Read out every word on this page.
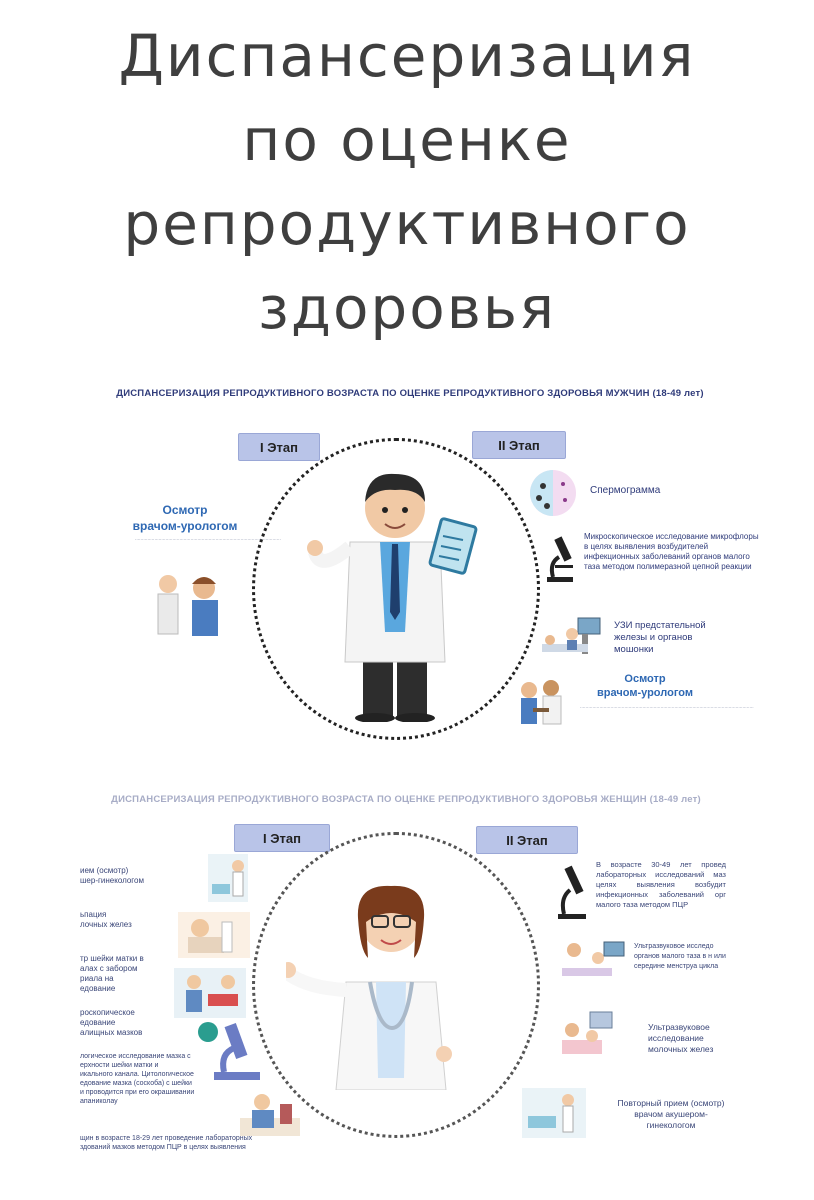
Диспансеризация
по оценке
репродуктивного
здоровья
ДИСПАНСЕРИЗАЦИЯ РЕПРОДУКТИВНОГО ВОЗРАСТА ПО ОЦЕНКЕ РЕПРОДУКТИВНОГО ЗДОРОВЬЯ МУЖЧИН (18-49 лет)
I Этап	II Этап
Осмотр
врачом-урологом
.........................................................................................................
Спермограмма
Микроскопическое исследование микрофлоры в целях выявления возбудителей инфекционных заболеваний органов малого таза методом полимеразной цепной реакции
УЗИ предстательной железы и органов мошонки
Осмотр
врачом-урологом
.............................................................................................................................
ДИСПАНСЕРИЗАЦИЯ РЕПРОДУКТИВНОГО ВОЗРАСТА ПО ОЦЕНКЕ РЕПРОДУКТИВНОГО ЗДОРОВЬЯ ЖЕНЩИН (18-49 лет)
I Этап	II Этап
ием (осмотр)
шер-гинекологом
ьпация
лочных желез
тр шейки матки в
алах с забором
риала на
едование
роскопическое
едование
алищных мазков
логическое исследование мазка с
ерхности шейки матки и
икального канала. Цитологическое
едование мазка (соскоба) с шейки
и проводится при его окрашивании
апаниколау
щин в возрасте 18-29 лет проведение лабораторных
здований мазков методом ПЦР в целях выявления
В возрасте 30-49 лет провед лабораторных исследований маз целях выявления возбудит инфекционных заболеваний орг малого таза методом ПЦР
Ультразвуковое исследо органов малого таза в н или середине менструа цикла
Ультразвуковое исследование молочных желез
Повторный прием (осмотр) врачом акушером-гинекологом
